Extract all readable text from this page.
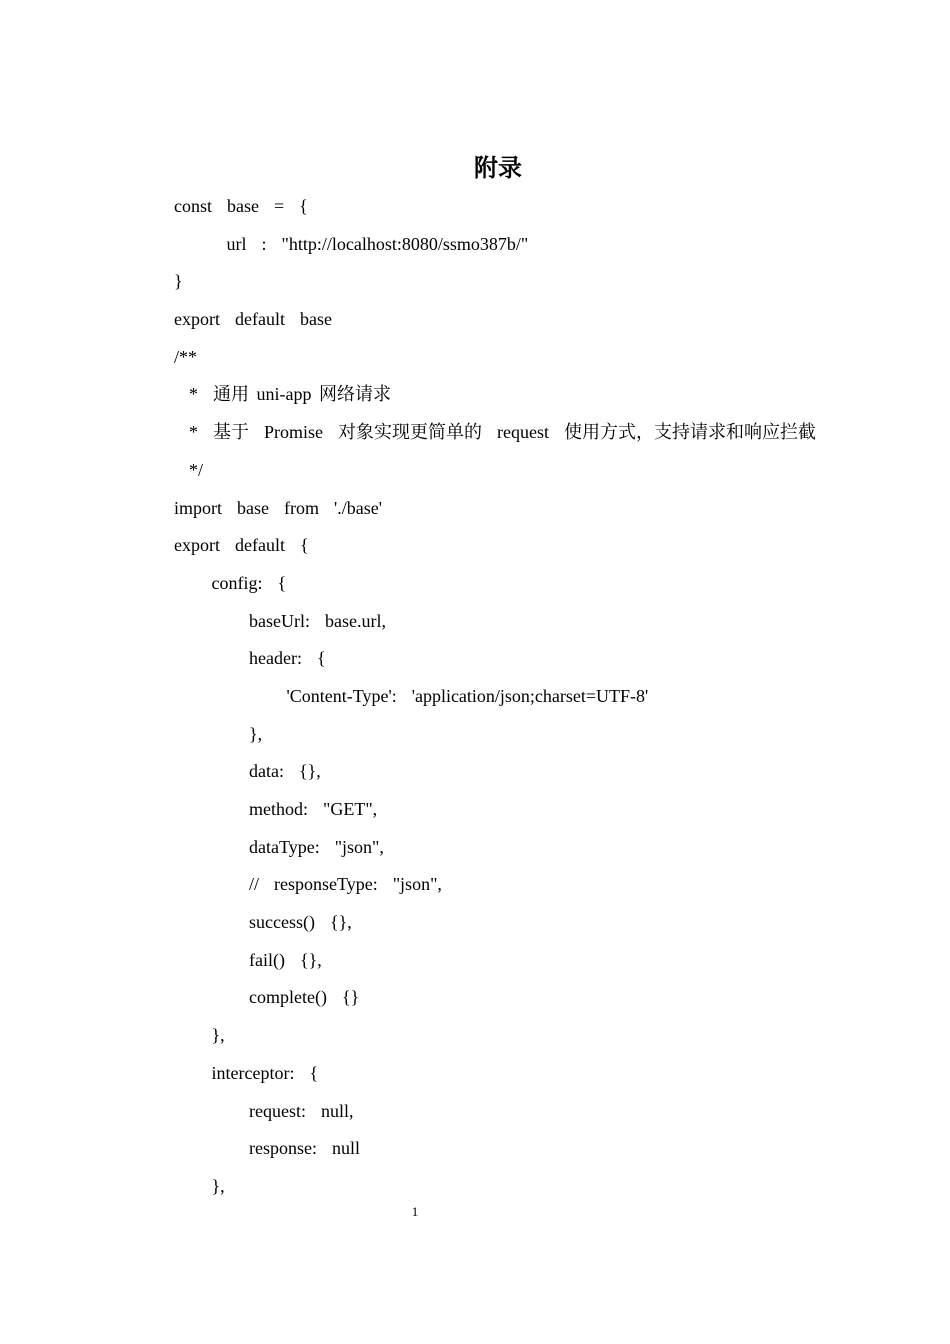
附录
const  base  =  {
url  :  "http://localhost:8080/ssmo387b/"
}
export  default  base
/**
*  通用 uni-app 网络请求
*  基于  Promise  对象实现更简单的  request  使用方式，支持请求和响应拦截
*/
import  base  from  './base'
export  default  {
config:  {
baseUrl:  base.url,
header:  {
'Content-Type':  'application/json;charset=UTF-8'
},
data:  {},
method:  "GET",
dataType:  "json",
//  responseType:  "json",
success()  {},
fail()  {},
complete()  {}
},
interceptor:  {
request:  null,
response:  null
},
1
